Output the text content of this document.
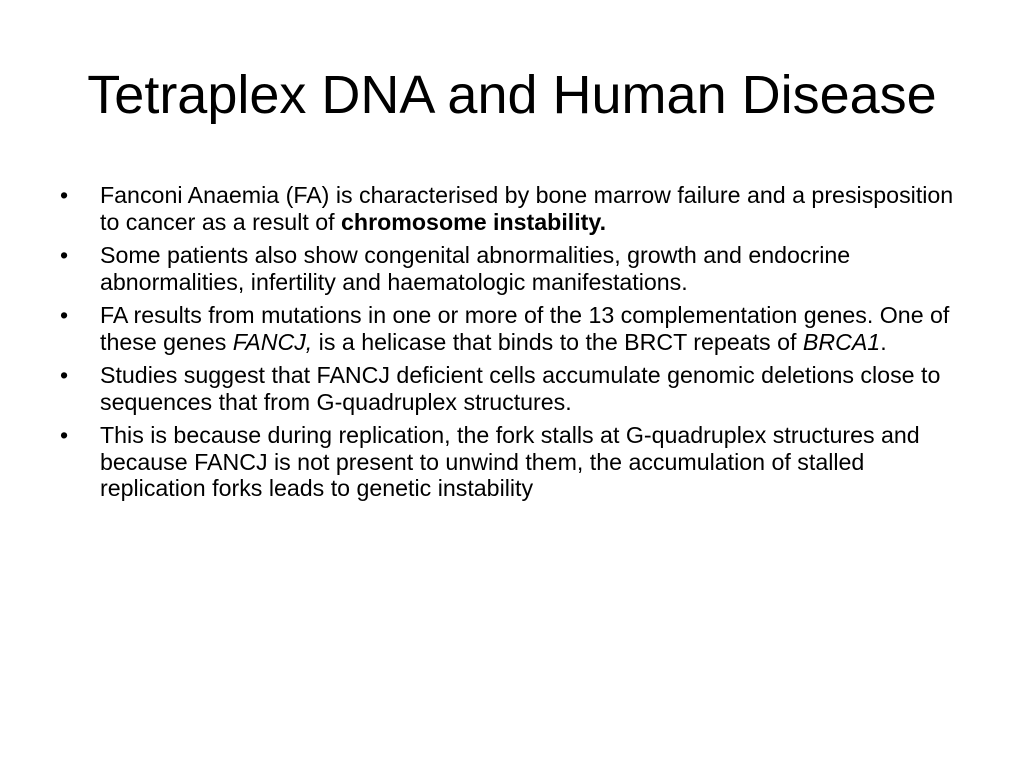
Tetraplex DNA and Human Disease
•	Fanconi Anaemia (FA) is characterised by bone marrow failure and a presisposition to cancer as a result of chromosome instability.
•	Some patients also show congenital abnormalities, growth and endocrine abnormalities, infertility and haematologic manifestations.
•	FA results from mutations in one or more of the 13 complementation genes. One of these genes FANCJ, is a helicase that binds to the BRCT repeats of BRCA1.
•	Studies suggest that FANCJ deficient cells accumulate genomic deletions close to sequences that from G-quadruplex structures.
•	This is because during replication, the fork stalls at G-quadruplex structures and because FANCJ is not present to unwind them, the accumulation of stalled replication forks leads to genetic instability
